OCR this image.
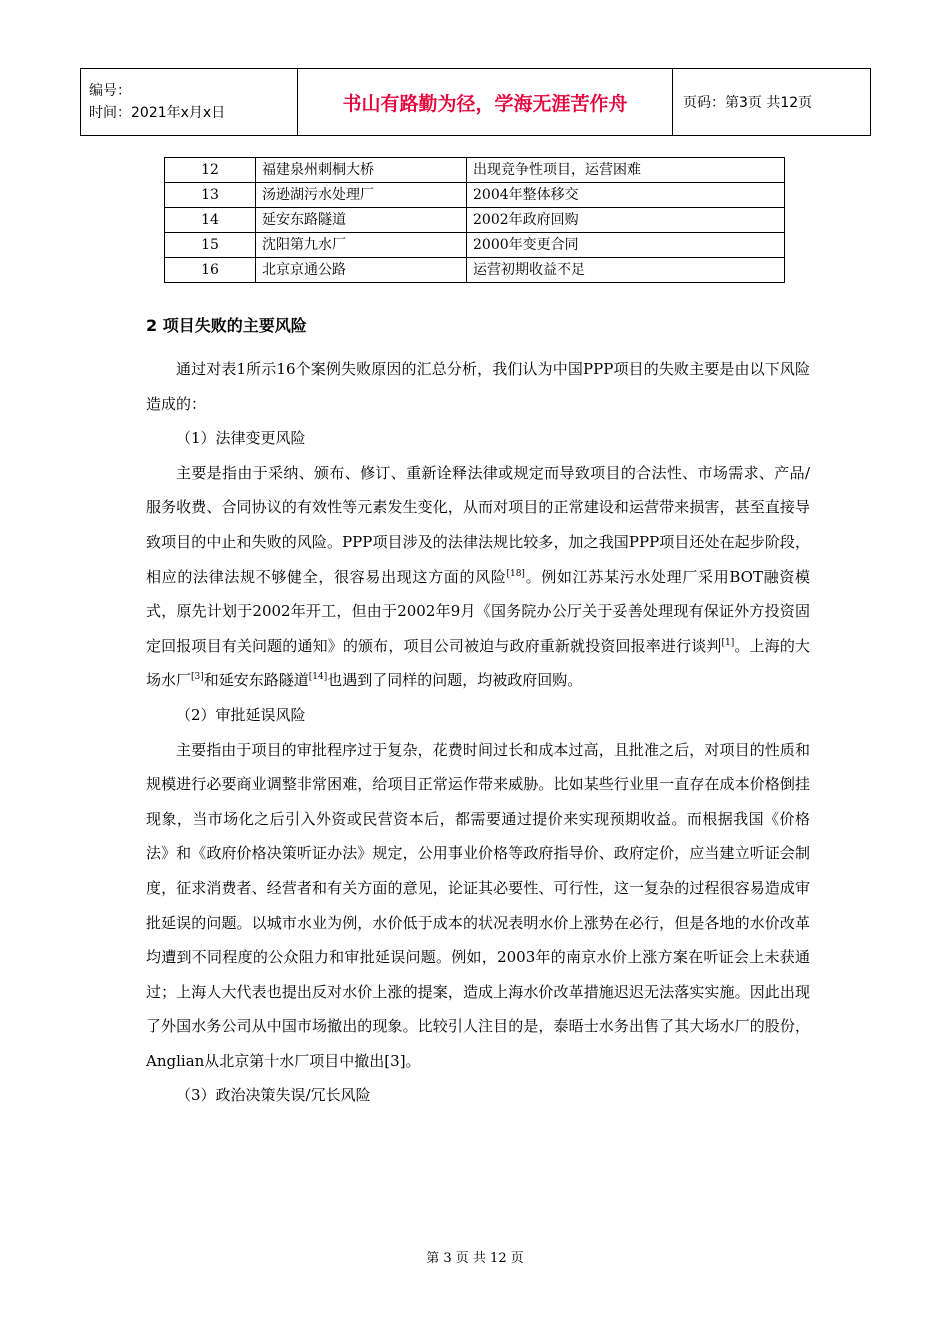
编号：
时间：2021年x月x日	书山有路勤为径，学海无涯苦作舟	页码：第3页 共12页
12	福建泉州刺桐大桥	出现竞争性项目，运营困难
13	汤逊湖污水处理厂	2004年整体移交
14	延安东路隧道	2002年政府回购
15	沈阳第九水厂	2000年变更合同
16	北京京通公路	运营初期收益不足
2 项目失败的主要风险

通过对表1所示16个案例失败原因的汇总分析，我们认为中国PPP项目的失败主要是由以下风险造成的：

（1）法律变更风险

主要是指由于采纳、颁布、修订、重新诠释法律或规定而导致项目的合法性、市场需求、产品/服务收费、合同协议的有效性等元素发生变化，从而对项目的正常建设和运营带来损害，甚至直接导致项目的中止和失败的风险。PPP项目涉及的法律法规比较多，加之我国PPP项目还处在起步阶段，相应的法律法规不够健全，很容易出现这方面的风险[18]。例如江苏某污水处理厂采用BOT融资模式，原先计划于2002年开工，但由于2002年9月《国务院办公厅关于妥善处理现有保证外方投资固定回报项目有关问题的通知》的颁布，项目公司被迫与政府重新就投资回报率进行谈判[1]。上海的大场水厂[3]和延安东路隧道[14]也遇到了同样的问题，均被政府回购。

（2）审批延误风险

主要指由于项目的审批程序过于复杂，花费时间过长和成本过高，且批准之后，对项目的性质和规模进行必要商业调整非常困难，给项目正常运作带来威胁。比如某些行业里一直存在成本价格倒挂现象，当市场化之后引入外资或民营资本后，都需要通过提价来实现预期收益。而根据我国《价格法》和《政府价格决策听证办法》规定，公用事业价格等政府指导价、政府定价，应当建立听证会制度，征求消费者、经营者和有关方面的意见，论证其必要性、可行性，这一复杂的过程很容易造成审批延误的问题。以城市水业为例，水价低于成本的状况表明水价上涨势在必行，但是各地的水价改革均遭到不同程度的公众阻力和审批延误问题。例如，2003年的南京水价上涨方案在听证会上未获通过；上海人大代表也提出反对水价上涨的提案，造成上海水价改革措施迟迟无法落实实施。因此出现了外国水务公司从中国市场撤出的现象。比较引人注目的是，泰晤士水务出售了其大场水厂的股份，Anglian从北京第十水厂项目中撤出[3]。

（3）政治决策失误/冗长风险

第 3 页 共 12 页
